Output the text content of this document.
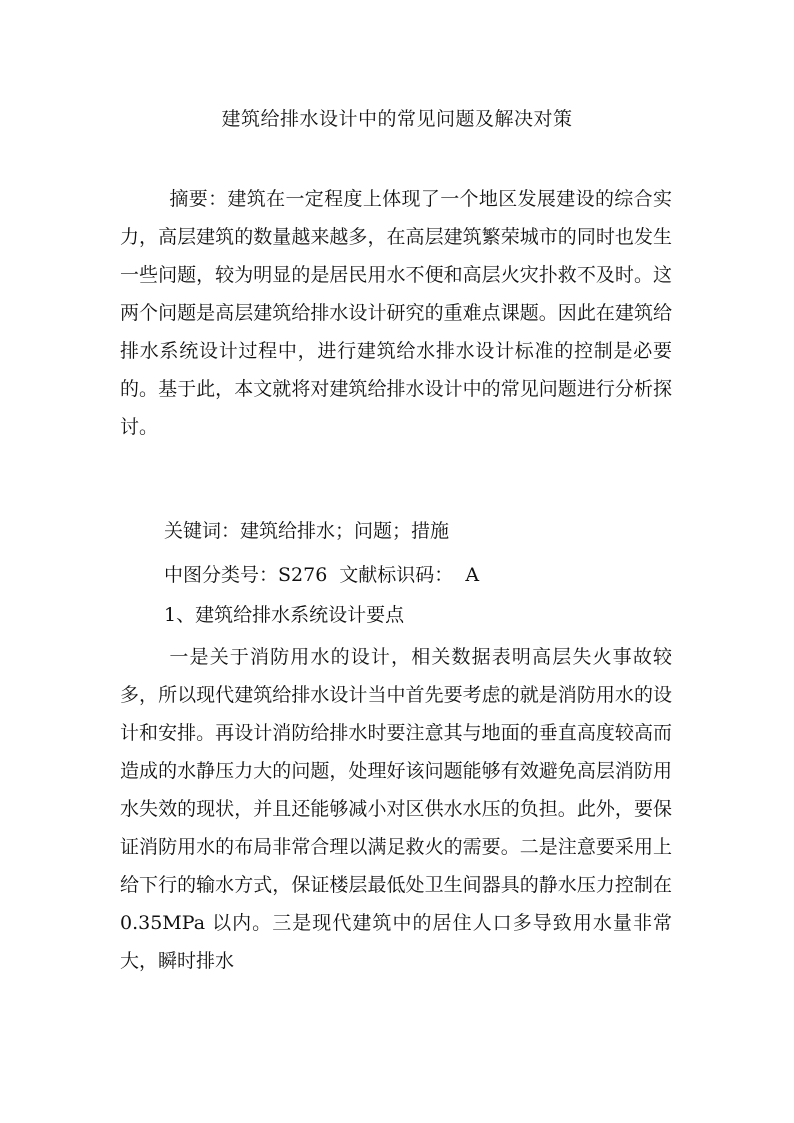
建筑给排水设计中的常见问题及解决对策
摘要：建筑在一定程度上体现了一个地区发展建设的综合实力，高层建筑的数量越来越多，在高层建筑繁荣城市的同时也发生一些问题，较为明显的是居民用水不便和高层火灾扑救不及时。这两个问题是高层建筑给排水设计研究的重难点课题。因此在建筑给排水系统设计过程中，进行建筑给水排水设计标准的控制是必要的。基于此，本文就将对建筑给排水设计中的常见问题进行分析探讨。
关键词：建筑给排水；问题；措施
中图分类号：S276 文献标识码： A
1、建筑给排水系统设计要点
一是关于消防用水的设计，相关数据表明高层失火事故较多，所以现代建筑给排水设计当中首先要考虑的就是消防用水的设计和安排。再设计消防给排水时要注意其与地面的垂直高度较高而造成的水静压力大的问题，处理好该问题能够有效避免高层消防用水失效的现状，并且还能够减小对区供水水压的负担。此外，要保证消防用水的布局非常合理以满足救火的需要。二是注意要采用上给下行的输水方式，保证楼层最低处卫生间器具的静水压力控制在 0.35MPa 以内。三是现代建筑中的居住人口多导致用水量非常大，瞬时排水
